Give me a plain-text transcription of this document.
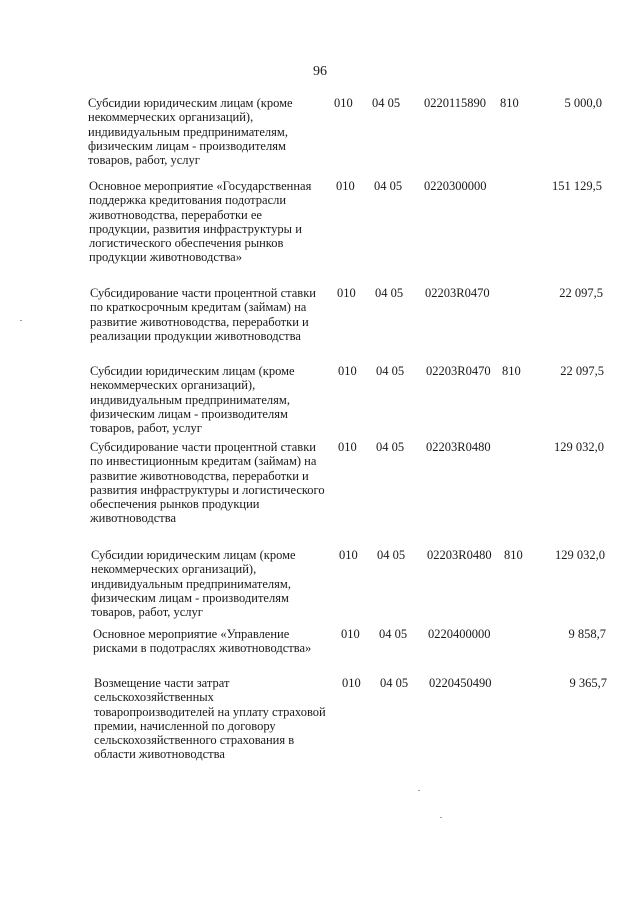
96
Субсидии юридическим лицам (кроме некоммерческих организаций), индивидуальным предпринимателям, физическим лицам - производителям товаров, работ, услуг
010 04 05 0220115890 810	5 000,0
Основное мероприятие «Государственная поддержка кредитования подотрасли животноводства, переработки ее продукции, развития инфраструктуры и логистического обеспечения рынков продукции животноводства»
010 04 05 0220300000	151 129,5
Субсидирование части процентной ставки по краткосрочным кредитам (займам) на развитие животноводства, переработки и реализации продукции животноводства
010 04 05 02203R0470	22 097,5
Субсидии юридическим лицам (кроме некоммерческих организаций), индивидуальным предпринимателям, физическим лицам - производителям товаров, работ, услуг
010 04 05 02203R0470 810	22 097,5
Субсидирование части процентной ставки по инвестиционным кредитам (займам) на развитие животноводства, переработки и развития инфраструктуры и логистического обеспечения рынков продукции животноводства
010 04 05 02203R0480	129 032,0
Субсидии юридическим лицам (кроме некоммерческих организаций), индивидуальным предпринимателям, физическим лицам - производителям товаров, работ, услуг
010 04 05 02203R0480 810	129 032,0
Основное мероприятие «Управление рисками в подотраслях животноводства»
010 04 05 0220400000	9 858,7
Возмещение части затрат сельскохозяйственных товаропроизводителей на уплату страховой премии, начисленной по договору сельскохозяйственного страхования в области животноводства
010 04 05 0220450490	9 365,7
